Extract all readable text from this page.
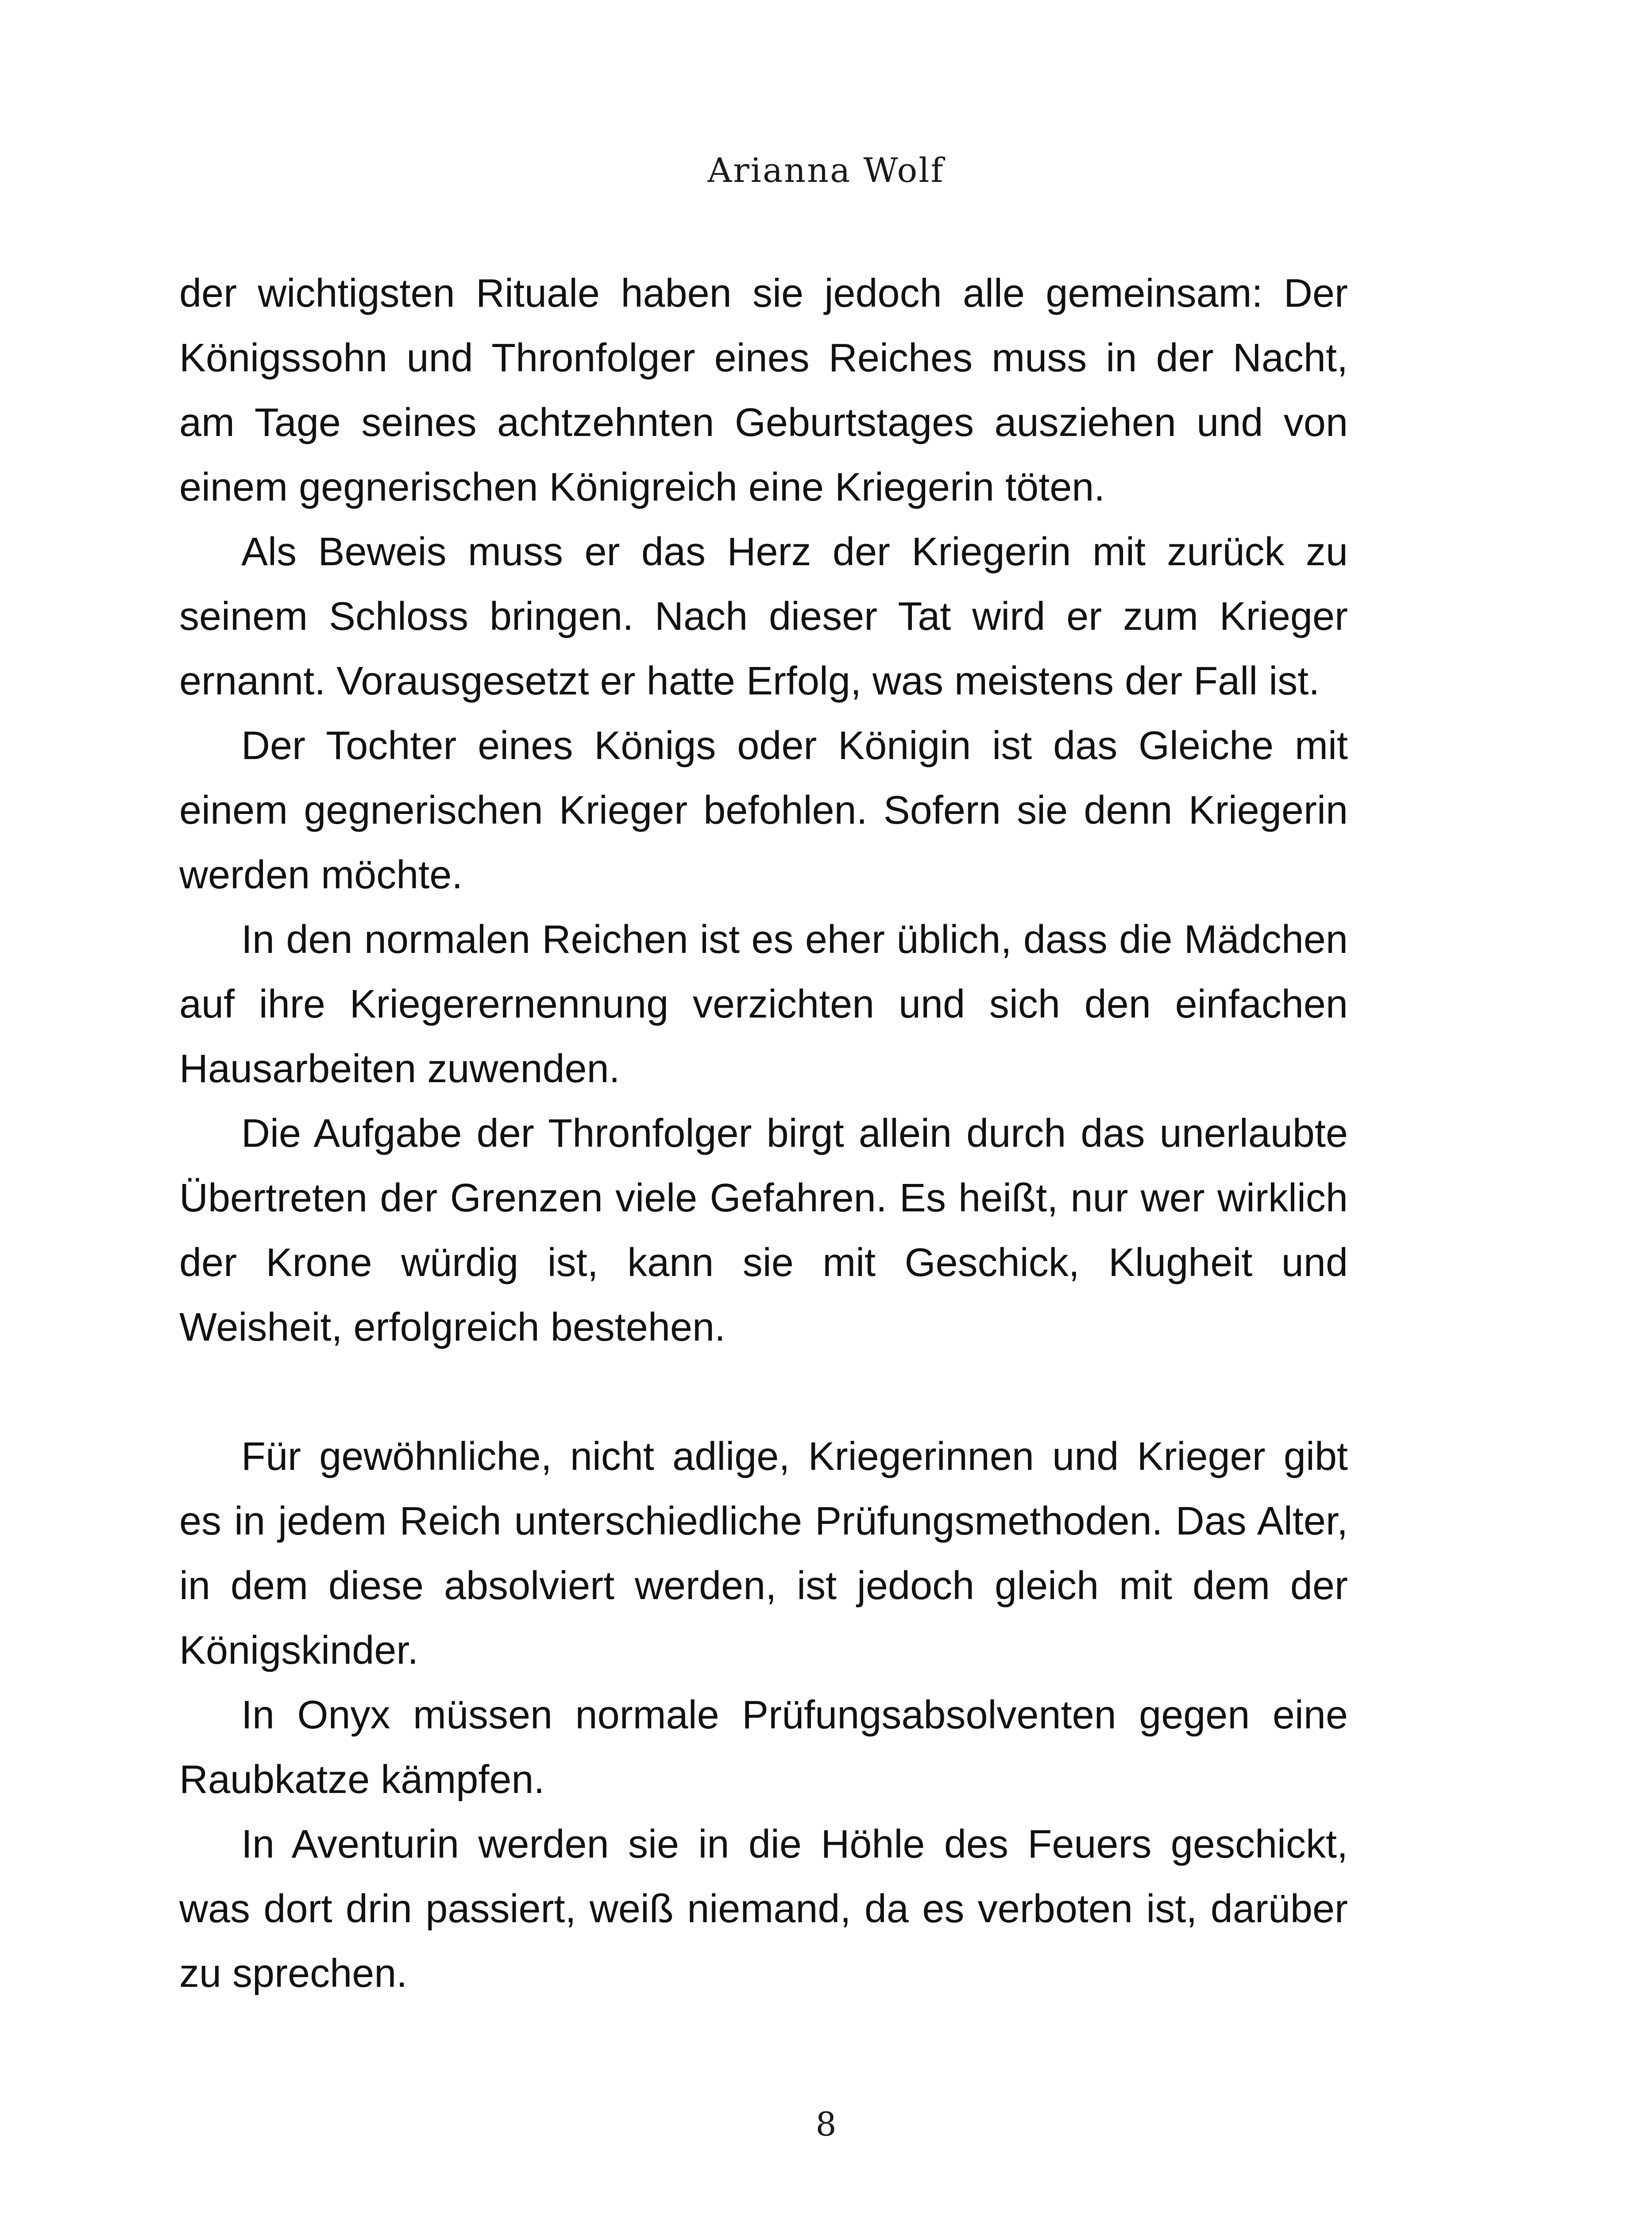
Arianna Wolf

der wichtigsten Rituale haben sie jedoch alle gemeinsam: Der Königssohn und Thronfolger eines Reiches muss in der Nacht, am Tage seines achtzehnten Geburtstages ausziehen und von einem gegnerischen Königreich eine Kriegerin töten.

Als Beweis muss er das Herz der Kriegerin mit zurück zu seinem Schloss bringen. Nach dieser Tat wird er zum Krieger ernannt. Vorausgesetzt er hatte Erfolg, was meistens der Fall ist.

Der Tochter eines Königs oder Königin ist das Gleiche mit einem gegnerischen Krieger befohlen. Sofern sie denn Kriegerin werden möchte.

In den normalen Reichen ist es eher üblich, dass die Mädchen auf ihre Kriegerernennung verzichten und sich den einfachen Hausarbeiten zuwenden.

Die Aufgabe der Thronfolger birgt allein durch das unerlaubte Übertreten der Grenzen viele Gefahren. Es heißt, nur wer wirklich der Krone würdig ist, kann sie mit Geschick, Klugheit und Weisheit, erfolgreich bestehen.

Für gewöhnliche, nicht adlige, Kriegerinnen und Krieger gibt es in jedem Reich unterschiedliche Prüfungsmethoden. Das Alter, in dem diese absolviert werden, ist jedoch gleich mit dem der Königskinder.

In Onyx müssen normale Prüfungsabsolventen gegen eine Raubkatze kämpfen.

In Aventurin werden sie in die Höhle des Feuers geschickt, was dort drin passiert, weiß niemand, da es verboten ist, darüber zu sprechen.

8
